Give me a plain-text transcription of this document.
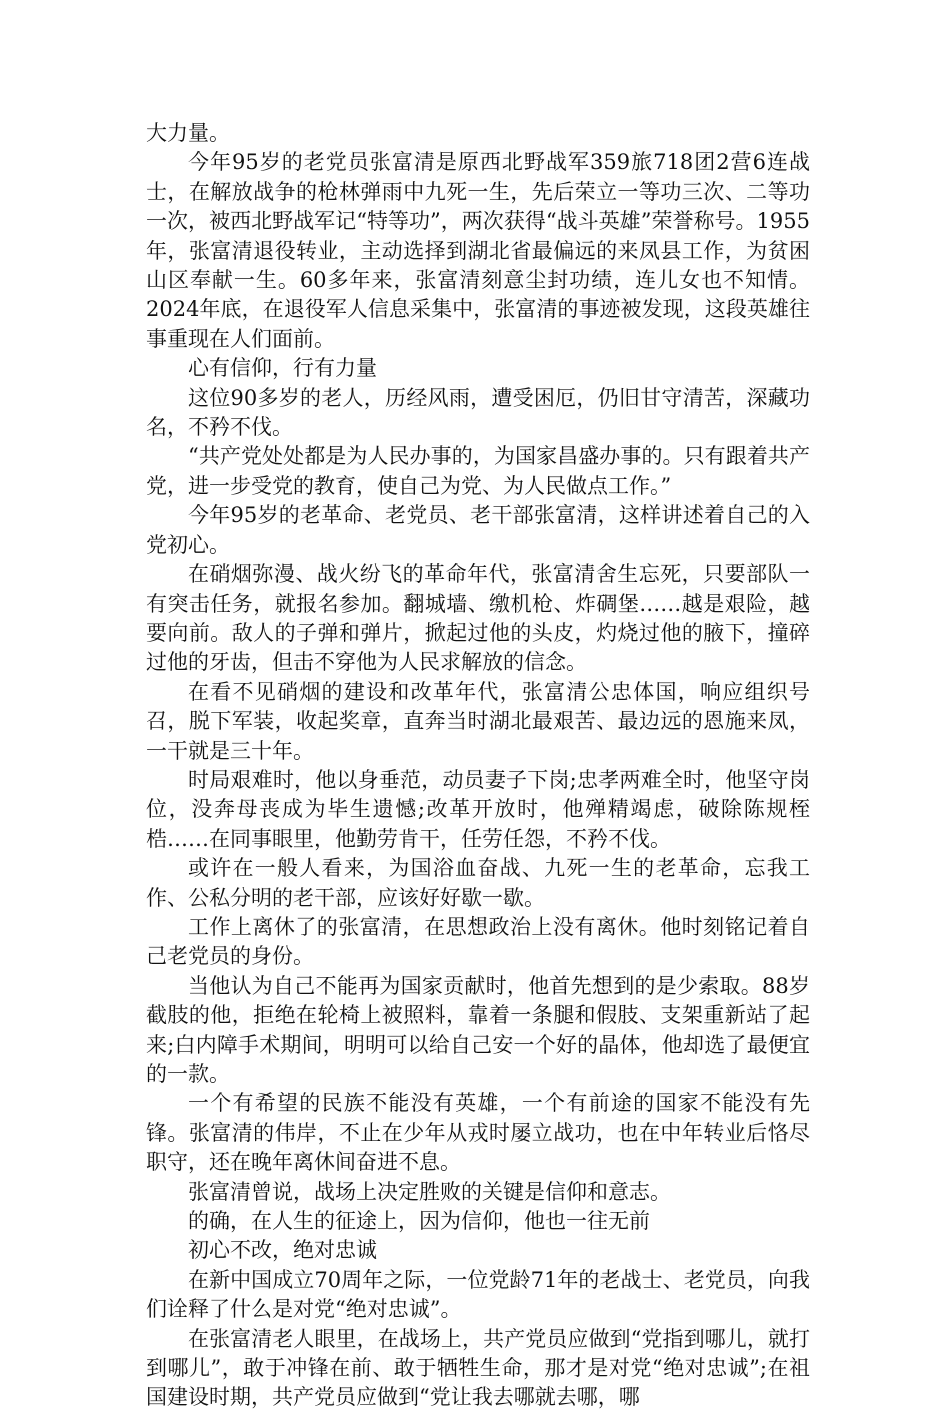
大力量。

今年95岁的老党员张富清是原西北野战军359旅718团2营6连战士，在解放战争的枪林弹雨中九死一生，先后荣立一等功三次、二等功一次，被西北野战军记“特等功”，两次获得“战斗英雄”荣誉称号。1955年，张富清退役转业，主动选择到湖北省最偏远的来凤县工作，为贫困山区奉献一生。60多年来，张富清刻意尘封功绩，连儿女也不知情。2024年底，在退役军人信息采集中，张富清的事迹被发现，这段英雄往事重现在人们面前。

心有信仰，行有力量

这位90多岁的老人，历经风雨，遭受困厄，仍旧甘守清苦，深藏功名，不矜不伐。

“共产党处处都是为人民办事的，为国家昌盛办事的。只有跟着共产党，进一步受党的教育，使自己为党、为人民做点工作。”

今年95岁的老革命、老党员、老干部张富清，这样讲述着自己的入党初心。

在硝烟弥漫、战火纷飞的革命年代，张富清舍生忘死，只要部队一有突击任务，就报名参加。翻城墙、缴机枪、炸碉堡……越是艰险，越要向前。敌人的子弹和弹片，掀起过他的头皮，灼烧过他的腋下，撞碎过他的牙齿，但击不穿他为人民求解放的信念。

在看不见硝烟的建设和改革年代，张富清公忠体国，响应组织号召，脱下军装，收起奖章，直奔当时湖北最艰苦、最边远的恩施来凤，一干就是三十年。

时局艰难时，他以身垂范，动员妻子下岗;忠孝两难全时，他坚守岗位，没奔母丧成为毕生遗憾;改革开放时，他殚精竭虑，破除陈规桎梏……在同事眼里，他勤劳肯干，任劳任怨，不矜不伐。

或许在一般人看来，为国浴血奋战、九死一生的老革命，忘我工作、公私分明的老干部，应该好好歇一歇。

工作上离休了的张富清，在思想政治上没有离休。他时刻铭记着自己老党员的身份。

当他认为自己不能再为国家贡献时，他首先想到的是少索取。88岁截肢的他，拒绝在轮椅上被照料，靠着一条腿和假肢、支架重新站了起来;白内障手术期间，明明可以给自己安一个好的晶体，他却选了最便宜的一款。

一个有希望的民族不能没有英雄，一个有前途的国家不能没有先锋。张富清的伟岸，不止在少年从戎时屡立战功，也在中年转业后恪尽职守，还在晚年离休间奋进不息。

张富清曾说，战场上决定胜败的关键是信仰和意志。

的确，在人生的征途上，因为信仰，他也一往无前

初心不改，绝对忠诚

在新中国成立70周年之际，一位党龄71年的老战士、老党员，向我们诠释了什么是对党“绝对忠诚”。

在张富清老人眼里，在战场上，共产党员应做到“党指到哪儿，就打到哪儿”，敢于冲锋在前、敢于牺牲生命，那才是对党“绝对忠诚”;在祖国建设时期，共产党员应做到“党让我去哪就去哪，哪
